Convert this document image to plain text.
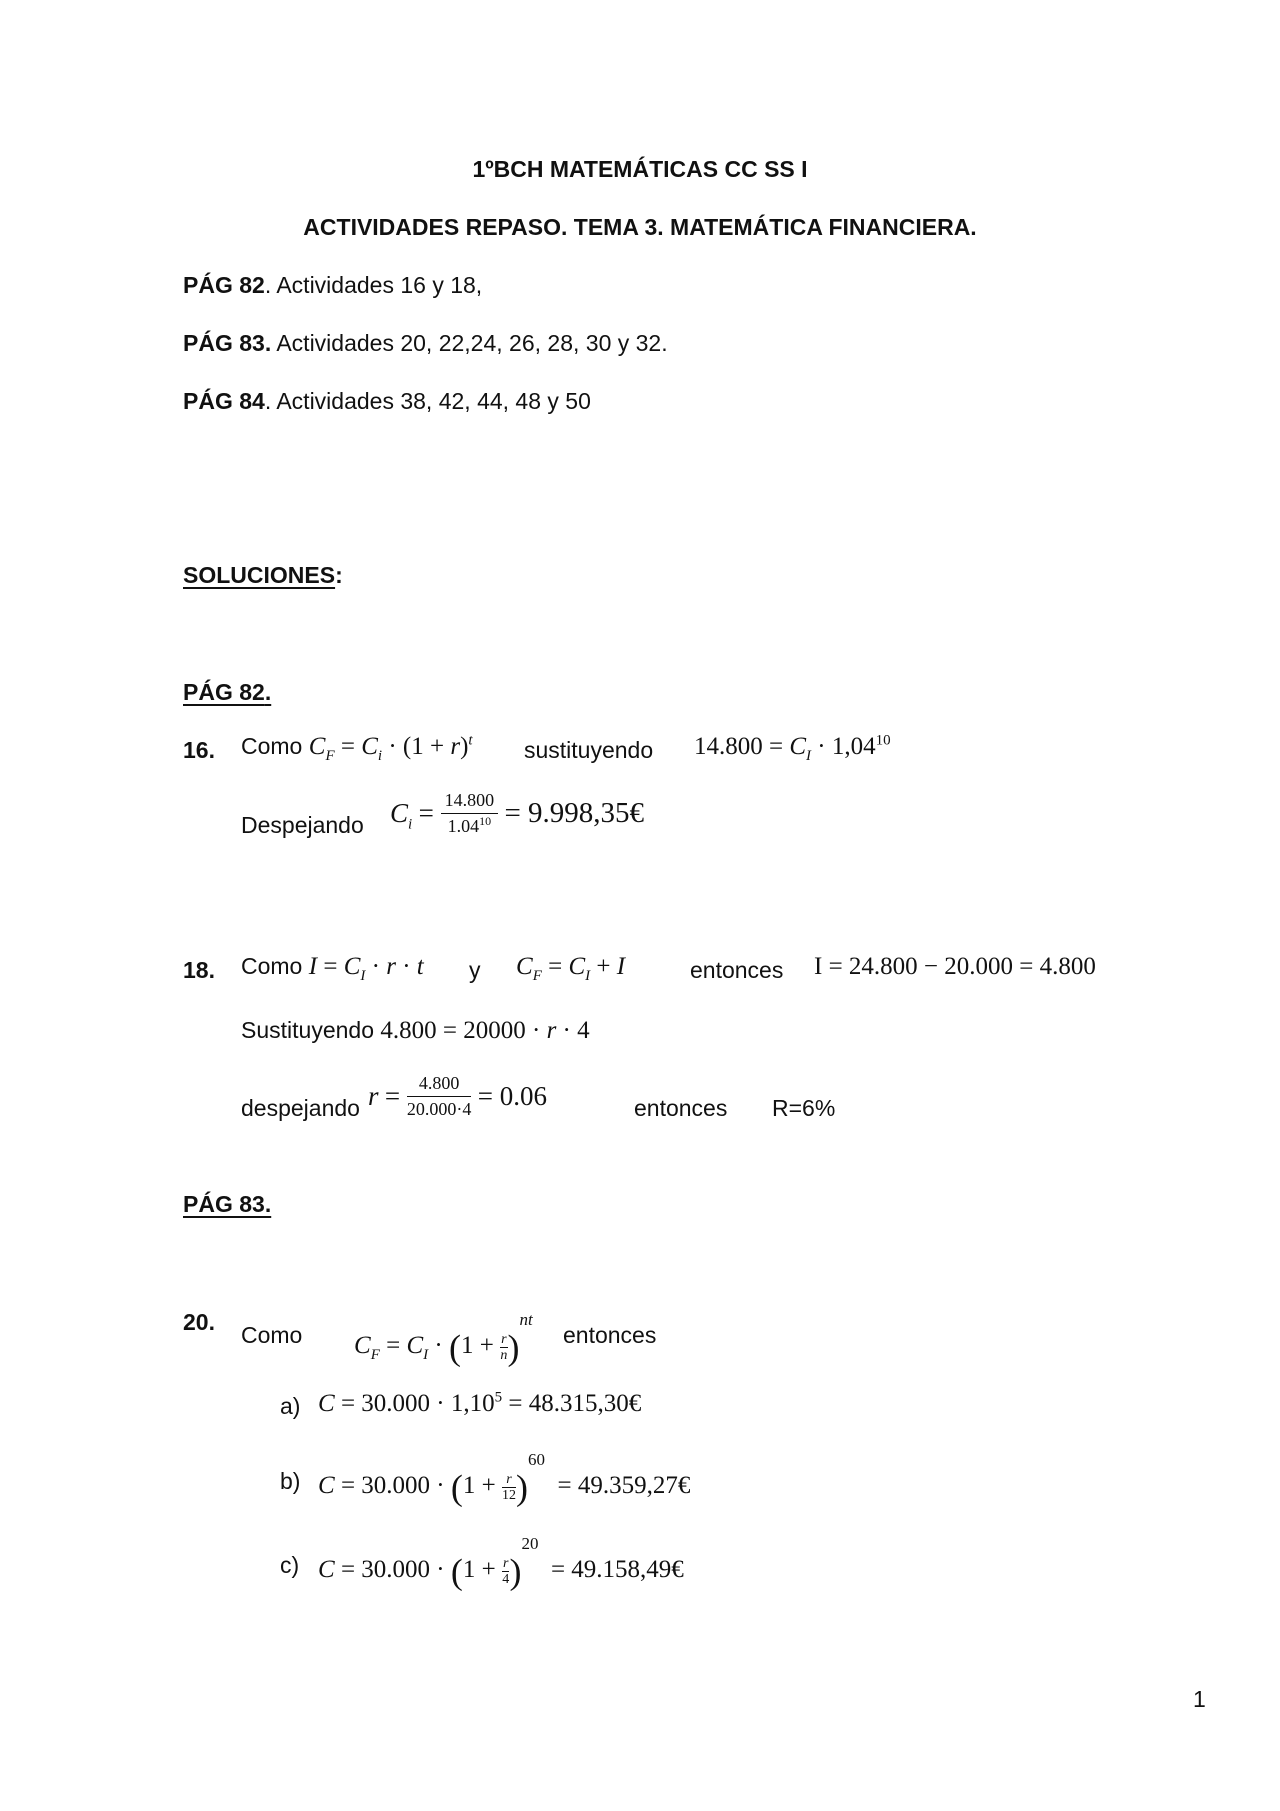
1ºBCH MATEMÁTICAS CC SS I
ACTIVIDADES REPASO. TEMA 3. MATEMÁTICA FINANCIERA.
PÁG 82. Actividades 16 y 18,
PÁG 83. Actividades 20, 22,24, 26, 28, 30 y 32.
PÁG 84. Actividades 38, 42, 44, 48 y 50
SOLUCIONES:
PÁG 82.
16. Como $C_F = C_i \cdot (1 + r)^t$ sustituyendo $14.800 = C_I \cdot 1,04^{10}$
Despejando $C_i = \frac{14.800}{1.04^{10}}$ = 9.998,35€
18. Como $I = C_I \cdot r \cdot t$ y $C_F = C_I + I$	entonces I = 24.800 − 20.000 = 4.800
Sustituyendo 4.800 = 20000 · r · 4
despejando $r = \frac{4.800}{20.000\cdot 4} = 0.06$	entonces R=6%
PÁG 83.
20. Como $C_F = C_I \cdot (1 + \frac{r}{n} )^{nt}$
entonces
a) $C = 30.000 \cdot 1,10^5$ = 48.315,30€
b) $C = 30.000 \cdot (1 + \frac{r}{12} )^{60}$  = 49.359,27€
c) $C = 30.000 \cdot (1 + \frac{r}{4} )^{20}$  = 49.158,49€
1
